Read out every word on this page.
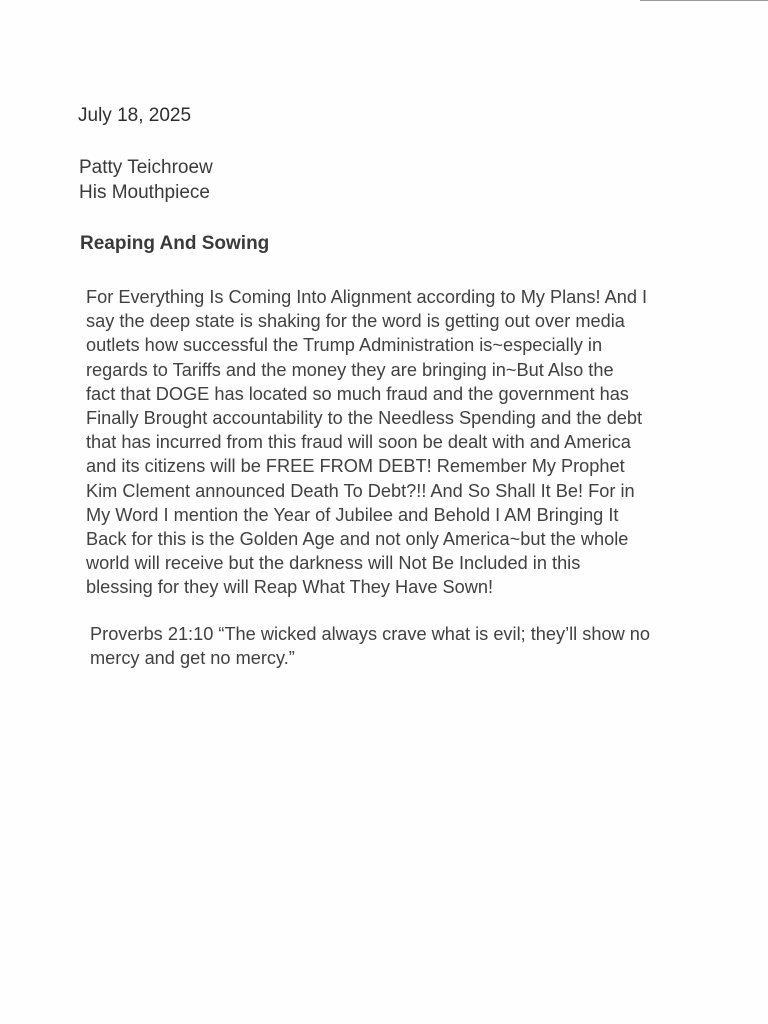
July 18, 2025
Patty Teichroew
His Mouthpiece
Reaping And Sowing
For Everything Is Coming Into Alignment according to My Plans! And I
say the deep state is shaking for the word is getting out over media
outlets how successful the Trump Administration is~especially in
regards to Tariffs and the money they are bringing in~But Also the
fact that DOGE has located so much fraud and the government has
Finally Brought accountability to the Needless Spending and the debt
that has incurred from this fraud will soon be dealt with and America
and its citizens will be FREE FROM DEBT! Remember My Prophet
Kim Clement announced Death To Debt?!! And So Shall It Be! For in
My Word I mention the Year of Jubilee and Behold I AM Bringing It
Back for this is the Golden Age and not only America~but the whole
world will receive but the darkness will Not Be Included in this
blessing for they will Reap What They Have Sown!
Proverbs 21:10 “The wicked always crave what is evil; they’ll show no
mercy and get no mercy.”
